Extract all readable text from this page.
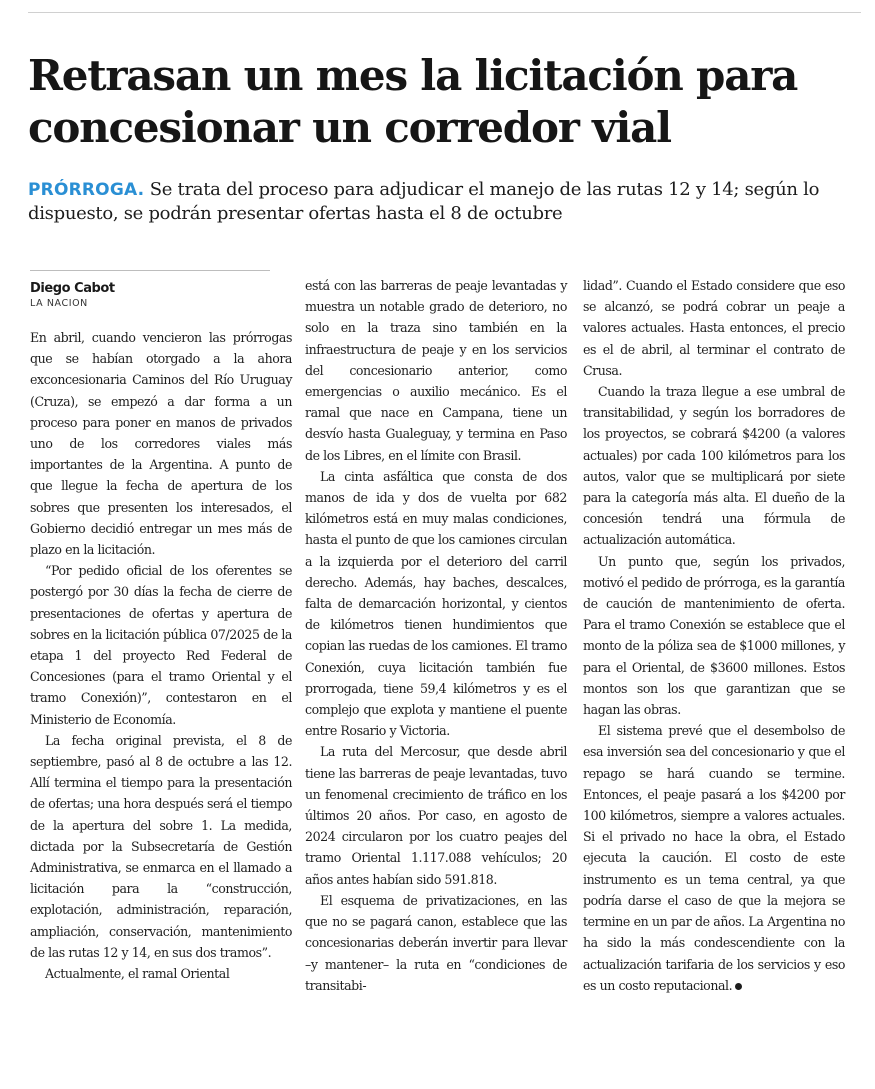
Retrasan un mes la licitación para concesionar un corredor vial

PRÓRROGA. Se trata del proceso para adjudicar el manejo de las rutas 12 y 14; según lo dispuesto, se podrán presentar ofertas hasta el 8 de octubre

Diego Cabot

LA NACION

En abril, cuando vencieron las prórrogas que se habían otorgado a la ahora exconcesionaria Caminos del Río Uruguay (Cruza), se empezó a dar forma a un proceso para poner en manos de privados uno de los corredores viales más importantes de la Argentina. A punto de que llegue la fecha de apertura de los sobres que presenten los interesados, el Gobierno decidió entregar un mes más de plazo en la licitación.

“Por pedido oficial de los oferentes se postergó por 30 días la fecha de cierre de presentaciones de ofertas y apertura de sobres en la licitación pública 07/2025 de la etapa 1 del proyecto Red Federal de Concesiones (para el tramo Oriental y el tramo Conexión)”, contestaron en el Ministerio de Economía.

La fecha original prevista, el 8 de septiembre, pasó al 8 de octubre a las 12. Allí termina el tiempo para la presentación de ofertas; una hora después será el tiempo de la apertura del sobre 1. La medida, dictada por la Subsecretaría de Gestión Administrativa, se enmarca en el llamado a licitación para la “construcción, explotación, administración, reparación, ampliación, conservación, mantenimiento de las rutas 12 y 14, en sus dos tramos”.

Actualmente, el ramal Oriental

está con las barreras de peaje levantadas y muestra un notable grado de deterioro, no solo en la traza sino también en la infraestructura de peaje y en los servicios del concesionario anterior, como emergencias o auxilio mecánico. Es el ramal que nace en Campana, tiene un desvío hasta Gualeguay, y termina en Paso de los Libres, en el límite con Brasil.

La cinta asfáltica que consta de dos manos de ida y dos de vuelta por 682 kilómetros está en muy malas condiciones, hasta el punto de que los camiones circulan a la izquierda por el deterioro del carril derecho. Además, hay baches, descalces, falta de demarcación horizontal, y cientos de kilómetros tienen hundimientos que copian las ruedas de los camiones. El tramo Conexión, cuya licitación también fue prorrogada, tiene 59,4 kilómetros y es el complejo que explota y mantiene el puente entre Rosario y Victoria.

La ruta del Mercosur, que desde abril tiene las barreras de peaje levantadas, tuvo un fenomenal crecimiento de tráfico en los últimos 20 años. Por caso, en agosto de 2024 circularon por los cuatro peajes del tramo Oriental 1.117.088 vehículos; 20 años antes habían sido 591.818.

El esquema de privatizaciones, en las que no se pagará canon, establece que las concesionarias deberán invertir para llevar –y mantener– la ruta en “condiciones de transitabi-

lidad”. Cuando el Estado considere que eso se alcanzó, se podrá cobrar un peaje a valores actuales. Hasta entonces, el precio es el de abril, al terminar el contrato de Crusa.

Cuando la traza llegue a ese umbral de transitabilidad, y según los borradores de los proyectos, se cobrará $4200 (a valores actuales) por cada 100 kilómetros para los autos, valor que se multiplicará por siete para la categoría más alta. El dueño de la concesión tendrá una fórmula de actualización automática.

Un punto que, según los privados, motivó el pedido de prórroga, es la garantía de caución de mantenimiento de oferta. Para el tramo Conexión se establece que el monto de la póliza sea de $1000 millones, y para el Oriental, de $3600 millones. Estos montos son los que garantizan que se hagan las obras.

El sistema prevé que el desembolso de esa inversión sea del concesionario y que el repago se hará cuando se termine. Entonces, el peaje pasará a los $4200 por 100 kilómetros, siempre a valores actuales. Si el privado no hace la obra, el Estado ejecuta la caución. El costo de este instrumento es un tema central, ya que podría darse el caso de que la mejora se termine en un par de años. La Argentina no ha sido la más condescendiente con la actualización tarifaria de los servicios y eso es un costo reputacional.
